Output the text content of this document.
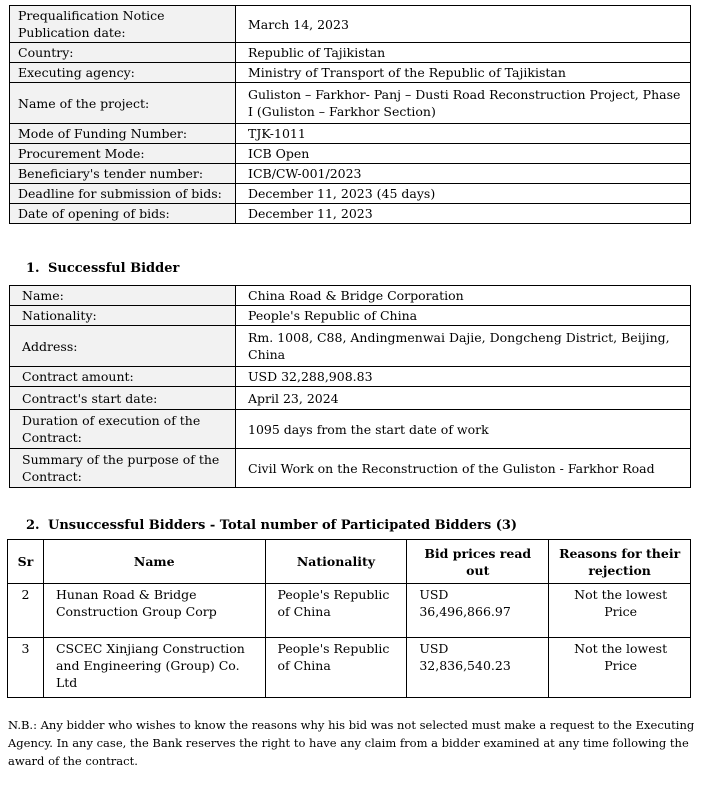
Prequalification Notice Publication date:	March 14, 2023
Country:	Republic of Tajikistan
Executing agency:	Ministry of Transport of the Republic of Tajikistan
Name of the project:	Guliston – Farkhor- Panj – Dusti Road Reconstruction Project, Phase I (Guliston – Farkhor Section)
Mode of Funding Number:	TJK-1011
Procurement Mode:	ICB Open
Beneficiary's tender number:	ICB/CW-001/2023
Deadline for submission of bids:	December 11, 2023 (45 days)
Date of opening of bids:	December 11, 2023
1. Successful Bidder
Name:	China Road & Bridge Corporation
Nationality:	People's Republic of China
Address:	Rm. 1008, C88, Andingmenwai Dajie, Dongcheng District, Beijing, China
Contract amount:	USD 32,288,908.83
Contract's start date:	April 23, 2024
Duration of execution of the Contract:	1095 days from the start date of work
Summary of the purpose of the Contract:	Civil Work on the Reconstruction of the Guliston - Farkhor Road
2. Unsuccessful Bidders - Total number of Participated Bidders (3)
Sr	Name	Nationality	Bid prices read out	Reasons for their rejection
2	Hunan Road & Bridge Construction Group Corp	People's Republic of China	USD 36,496,866.97	Not the lowest Price
3	CSCEC Xinjiang Construction and Engineering (Group) Co. Ltd	People's Republic of China	USD 32,836,540.23	Not the lowest Price

N.B.: Any bidder who wishes to know the reasons why his bid was not selected must make a request to the Executing Agency. In any case, the Bank reserves the right to have any claim from a bidder examined at any time following the award of the contract.
